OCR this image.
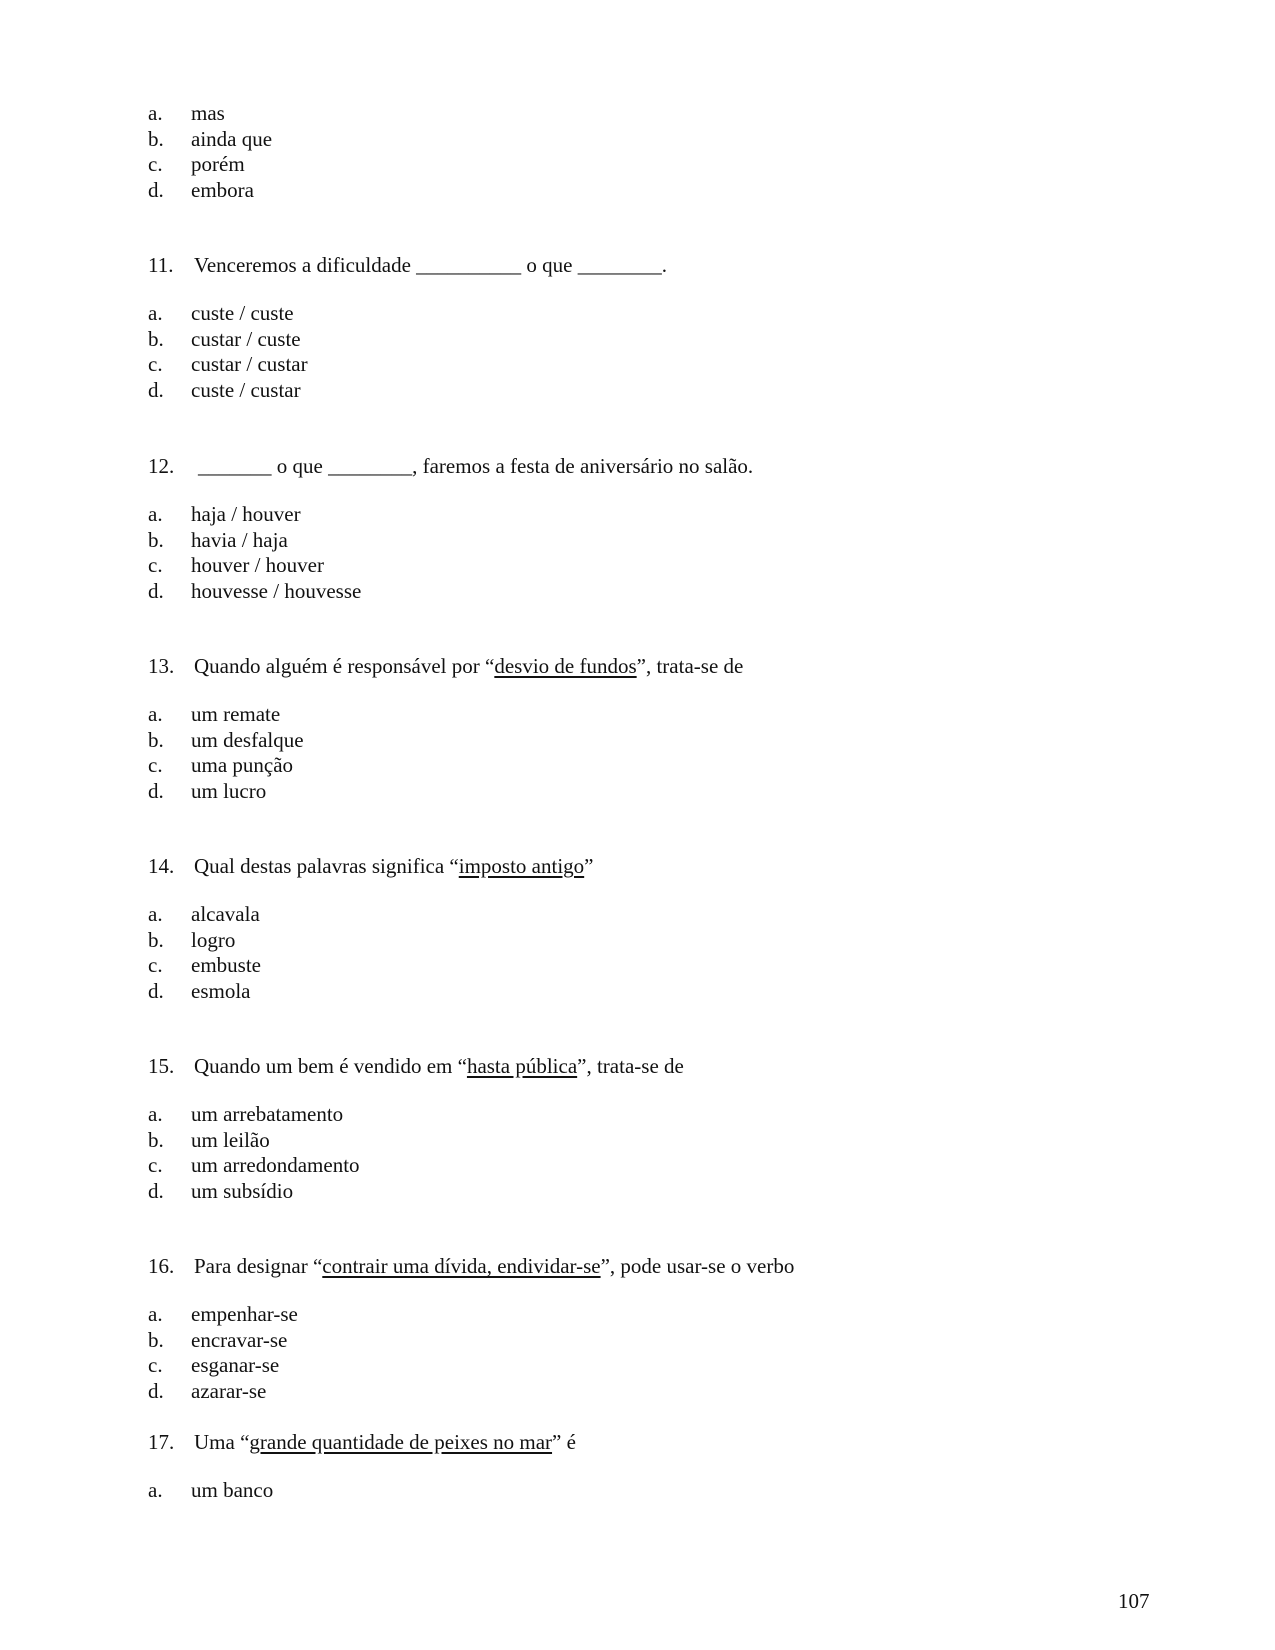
a. mas
b. ainda que
c. porém
d. embora
11. Venceremos a dificuldade __________ o que ________.
a. custe / custe
b. custar / custe
c. custar / custar
d. custe / custar
12. _______ o que ________, faremos a festa de aniversário no salão.
a. haja / houver
b. havia / haja
c. houver / houver
d. houvesse / houvesse
13. Quando alguém é responsável por “desvio de fundos”, trata-se de
a. um remate
b. um desfalque
c. uma punção
d. um lucro
14. Qual destas palavras significa “imposto antigo”
a. alcavala
b. logro
c. embuste
d. esmola
15. Quando um bem é vendido em “hasta pública”, trata-se de
a. um arrebatamento
b. um leilão
c. um arredondamento
d. um subsídio
16. Para designar “contrair uma dívida, endividar-se”, pode usar-se o verbo
a. empenhar-se
b. encravar-se
c. esganar-se
d. azarar-se
17. Uma “grande quantidade de peixes no mar” é
a. um banco
107
